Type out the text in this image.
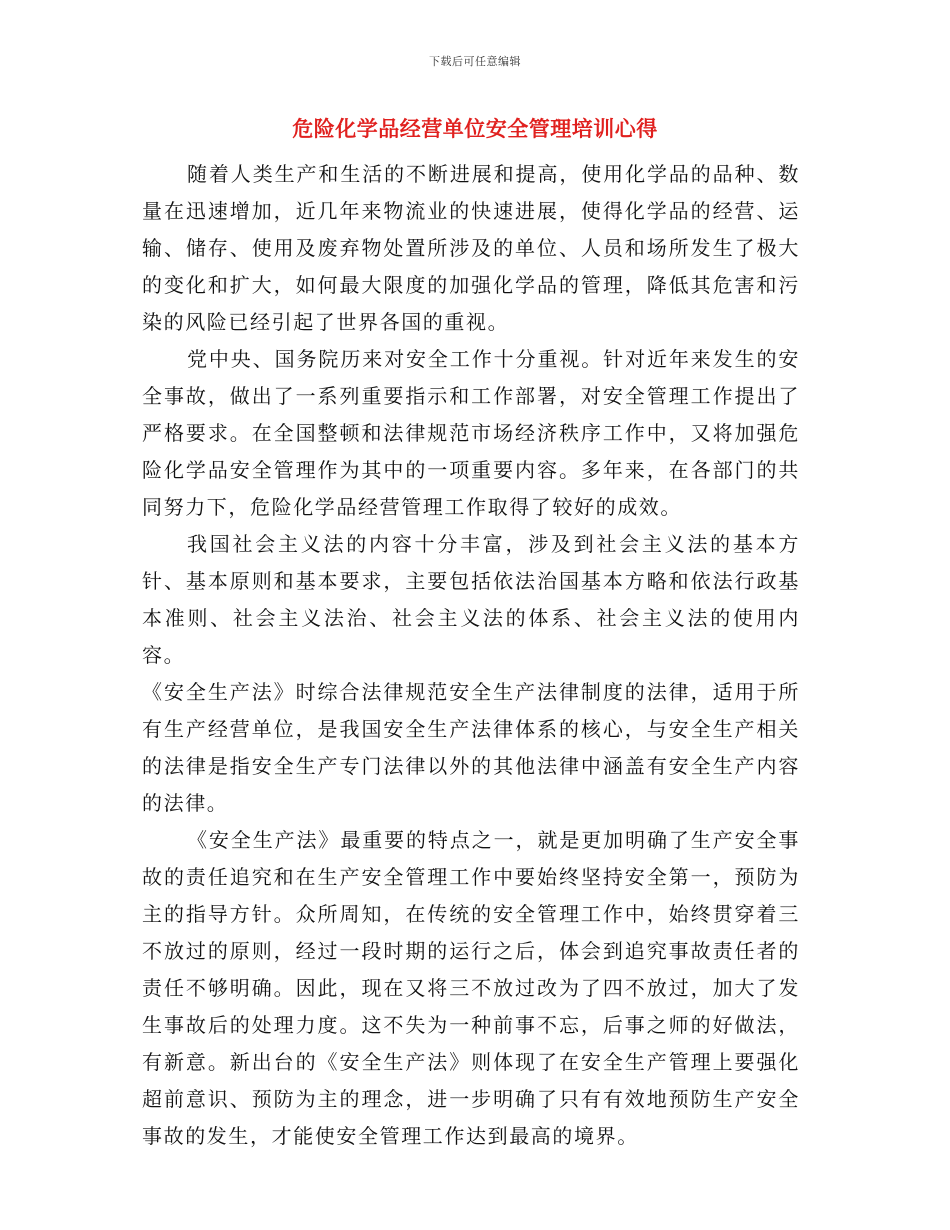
下载后可任意编辑
危险化学品经营单位安全管理培训心得

随着人类生产和生活的不断进展和提高，使用化学品的品种、数量在迅速增加，近几年来物流业的快速进展，使得化学品的经营、运输、储存、使用及废弃物处置所涉及的单位、人员和场所发生了极大的变化和扩大，如何最大限度的加强化学品的管理，降低其危害和污染的风险已经引起了世界各国的重视。

党中央、国务院历来对安全工作十分重视。针对近年来发生的安全事故，做出了一系列重要指示和工作部署，对安全管理工作提出了严格要求。在全国整顿和法律规范市场经济秩序工作中，又将加强危险化学品安全管理作为其中的一项重要内容。多年来，在各部门的共同努力下，危险化学品经营管理工作取得了较好的成效。

我国社会主义法的内容十分丰富，涉及到社会主义法的基本方针、基本原则和基本要求，主要包括依法治国基本方略和依法行政基本准则、社会主义法治、社会主义法的体系、社会主义法的使用内容。

《安全生产法》时综合法律规范安全生产法律制度的法律，适用于所有生产经营单位，是我国安全生产法律体系的核心，与安全生产相关的法律是指安全生产专门法律以外的其他法律中涵盖有安全生产内容的法律。

《安全生产法》最重要的特点之一，就是更加明确了生产安全事故的责任追究和在生产安全管理工作中要始终坚持安全第一，预防为主的指导方针。众所周知，在传统的安全管理工作中，始终贯穿着三不放过的原则，经过一段时期的运行之后，体会到追究事故责任者的责任不够明确。因此，现在又将三不放过改为了四不放过，加大了发生事故后的处理力度。这不失为一种前事不忘，后事之师的好做法，有新意。新出台的《安全生产法》则体现了在安全生产管理上要强化超前意识、预防为主的理念，进一步明确了只有有效地预防生产安全事故的发生，才能使安全管理工作达到最高的境界。
